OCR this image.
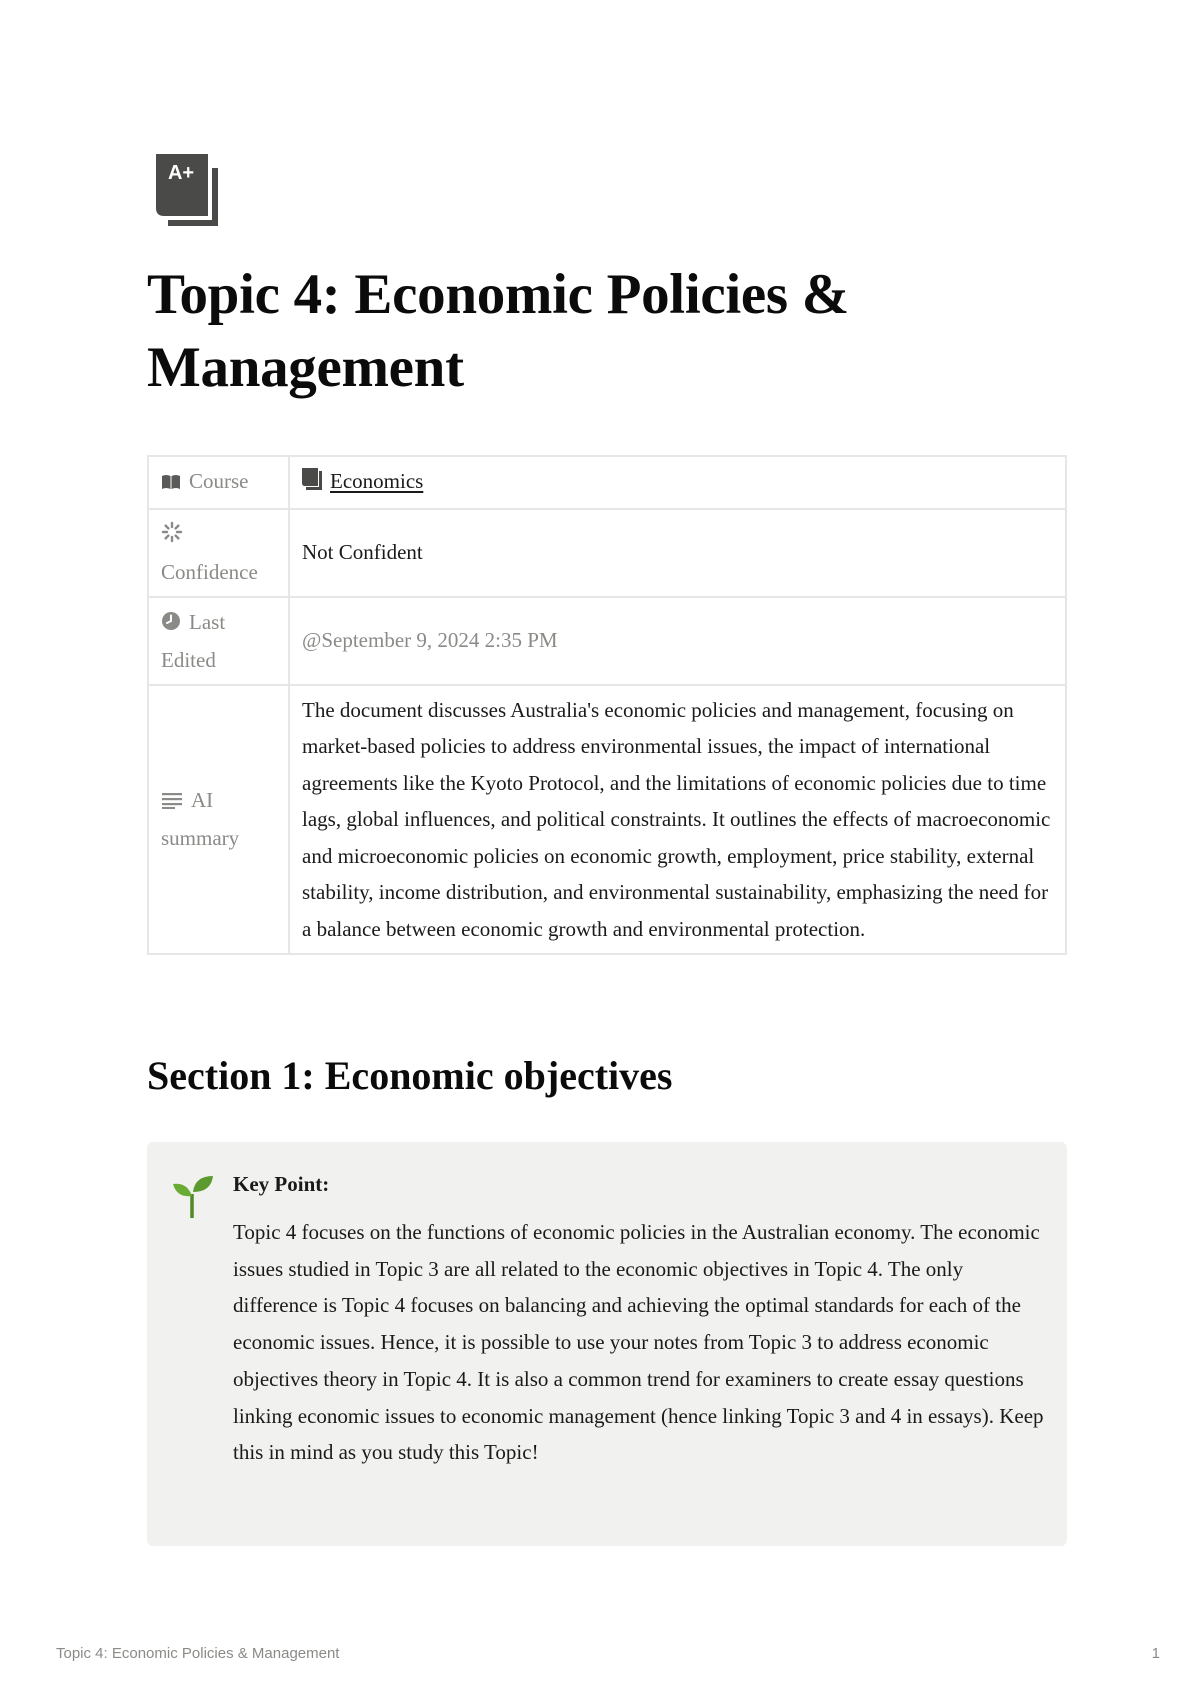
A+
Topic 4: Economic Policies & Management
Course	Economics

Confidence	Not Confident
Last Edited	@September 9, 2024 2:35 PM
AI summary	The document discusses Australia's economic policies and management, focusing on market-based policies to address environmental issues, the impact of international agreements like the Kyoto Protocol, and the limitations of economic policies due to time lags, global influences, and political constraints. It outlines the effects of macroeconomic and microeconomic policies on economic growth, employment, price stability, external stability, income distribution, and environmental sustainability, emphasizing the need for a balance between economic growth and environmental protection.
Section 1: Economic objectives

Key Point:

Topic 4 focuses on the functions of economic policies in the Australian economy. The economic issues studied in Topic 3 are all related to the economic objectives in Topic 4. The only difference is Topic 4 focuses on balancing and achieving the optimal standards for each of the economic issues. Hence, it is possible to use your notes from Topic 3 to address economic objectives theory in Topic 4. It is also a common trend for examiners to create essay questions linking economic issues to economic management (hence linking Topic 3 and 4 in essays). Keep this in mind as you study this Topic!

Topic 4: Economic Policies & Management	1
